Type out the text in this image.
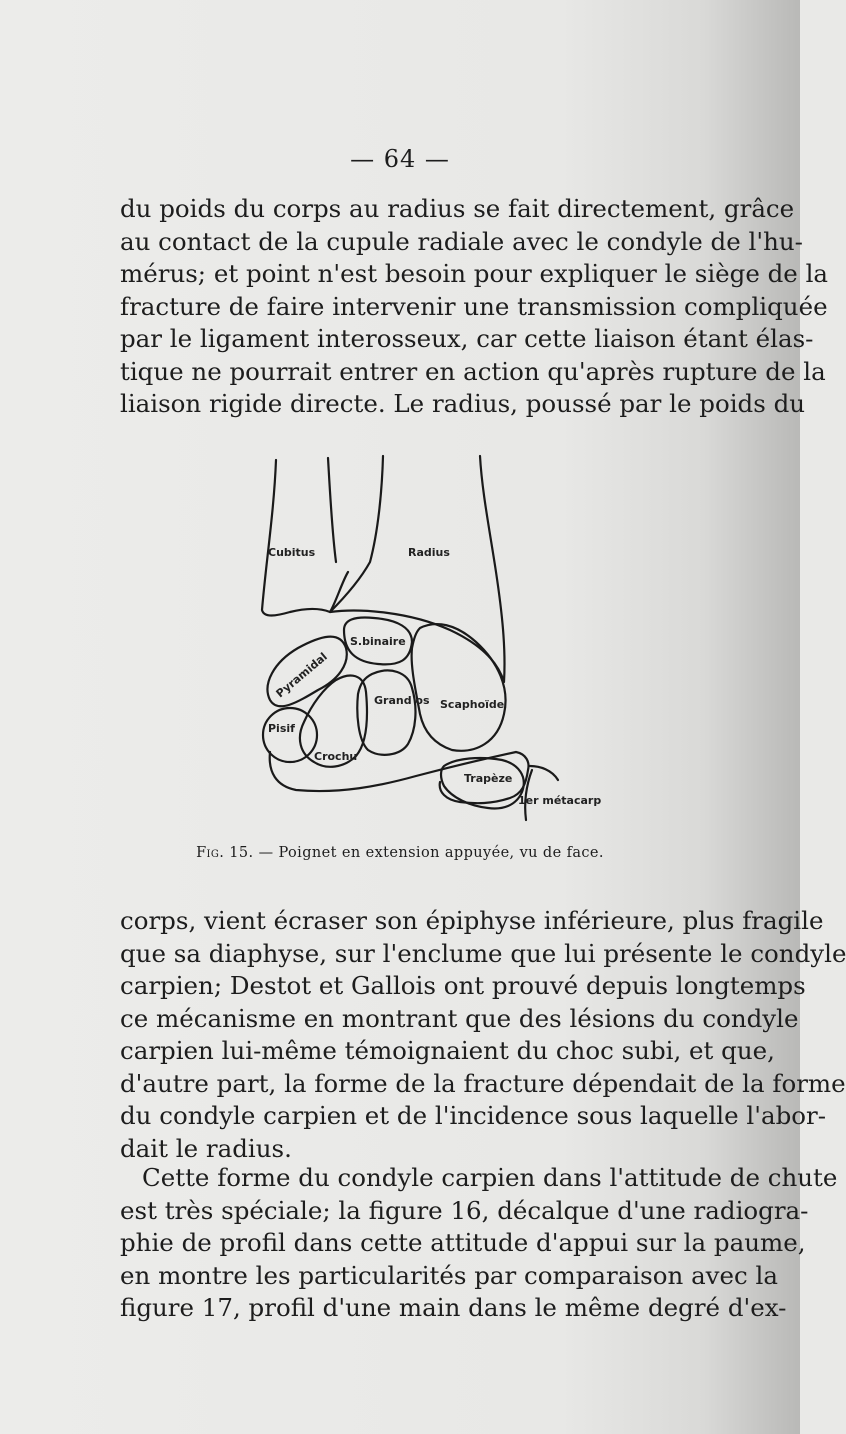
— 64 —

du poids du corps au radius se fait directement, grâce
au contact de la cupule radiale avec le condyle de l'hu-
mérus; et point n'est besoin pour expliquer le siège de la
fracture de faire intervenir une transmission compliquée
par le ligament interosseux, car cette liaison étant élas-
tique ne pourrait entrer en action qu'après rupture de la
liaison rigide directe. Le radius, poussé par le poids du

Cubitus	Radius
S.binaire
Pyramidal
Grand os Scaphoïde
Pisif
Crochu
Trapèze
1er métacarp
Fig. 15. — Poignet en extension appuyée, vu de face.

corps, vient écraser son épiphyse inférieure, plus fragile
que sa diaphyse, sur l'enclume que lui présente le condyle
carpien; Destot et Gallois ont prouvé depuis longtemps
ce mécanisme en montrant que des lésions du condyle
carpien lui-même témoignaient du choc subi, et que,
d'autre part, la forme de la fracture dépendait de la forme
du condyle carpien et de l'incidence sous laquelle l'abor-
dait le radius.

Cette forme du condyle carpien dans l'attitude de chute
est très spéciale; la figure 16, décalque d'une radiogra-
phie de profil dans cette attitude d'appui sur la paume,
en montre les particularités par comparaison avec la
figure 17, profil d'une main dans le même degré d'ex-
